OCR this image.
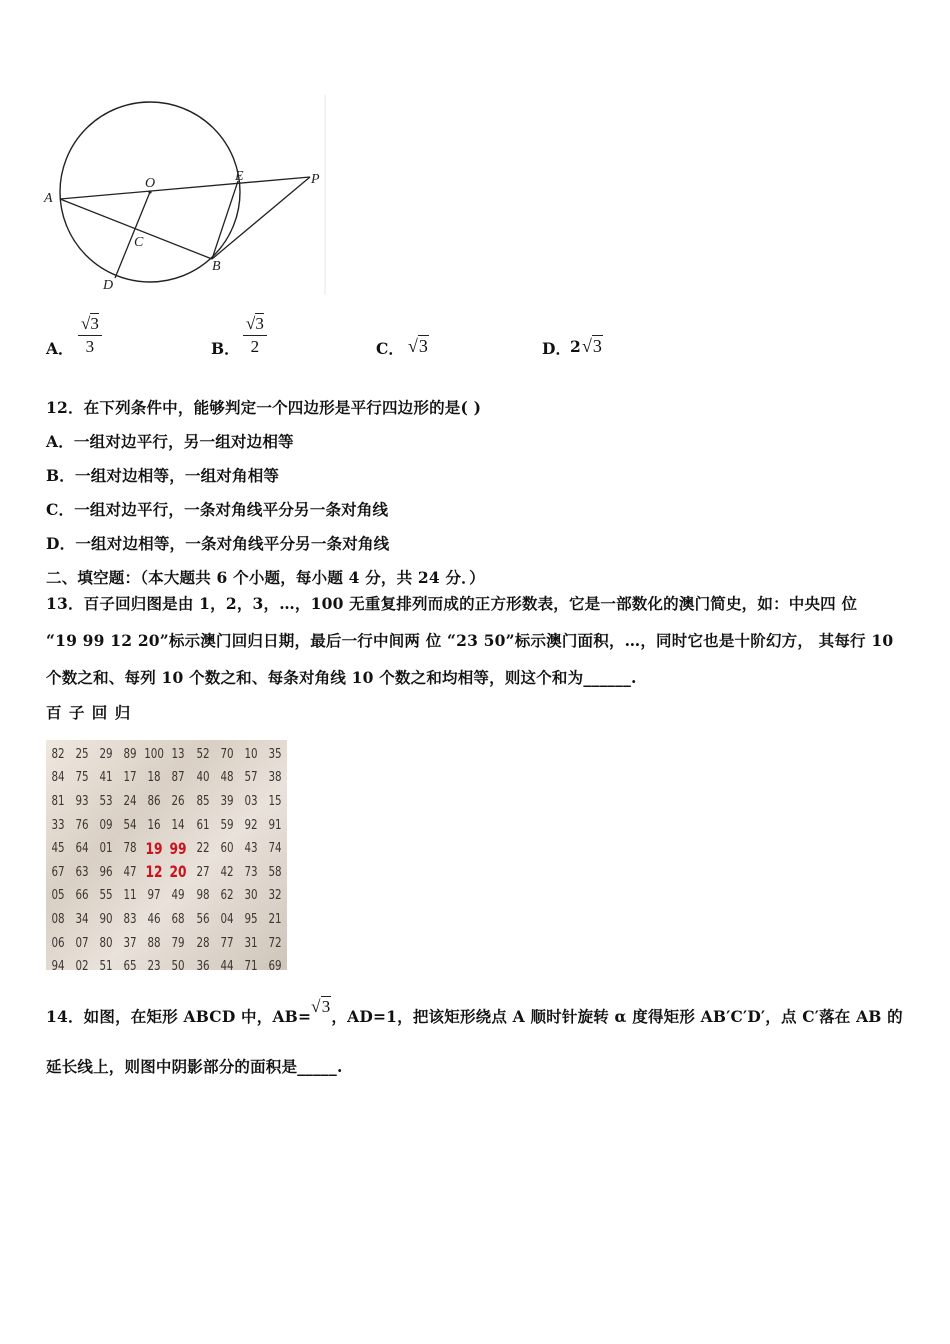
A
O	E	P
C
B
D
A．
√3
3	B．
√3
2	C． √3	D． 2 √3
12．在下列条件中，能够判定一个四边形是平行四边形的是( )
A．一组对边平行，另一组对边相等
B．一组对边相等，一组对角相等
C．一组对边平行，一条对角线平分另一条对角线
D．一组对边相等，一条对角线平分另一条对角线
二、填空题：（本大题共 6 个小题，每小题 4 分，共 24 分．）
13．百子回归图是由 1，2，3，…，100 无重复排列而成的正方形数表，它是一部数化的澳门简史，如：中央四 位
“19 99 12 20”标示澳门回归日期，最后一行中间两 位 “23 50”标示澳门面积，…，同时它也是十阶幻方， 其每行 10
个数之和、每列 10 个数之和、每条对角线 10 个数之和均相等，则这个和为______.
百 子 回 归
82 25 29 89 100 13 52 70 10 35
84 75 41 17 18 87 40 48 57 38
81 93 53 24 86 26 85 39 03 15
33 76 09 54 16 14 61 59 92 91
45 64 01 78 19 99 22 60 43 74
67 63 96 47 12 20 27 42 73 58
05 66 55 11 97 49 98 62 30 32
08 34 90 83 46 68 56 04 95 21
06 07 80 37 88 79 28 77 31 72
94 02 51 65 23 50 36 44 71 69
14．如图，在矩形 ABCD 中，AB=√3，AD=1，把该矩形绕点 A 顺时针旋转 α 度得矩形 AB′C′D′，点 C′落在 AB 的
延长线上，则图中阴影部分的面积是_____.
